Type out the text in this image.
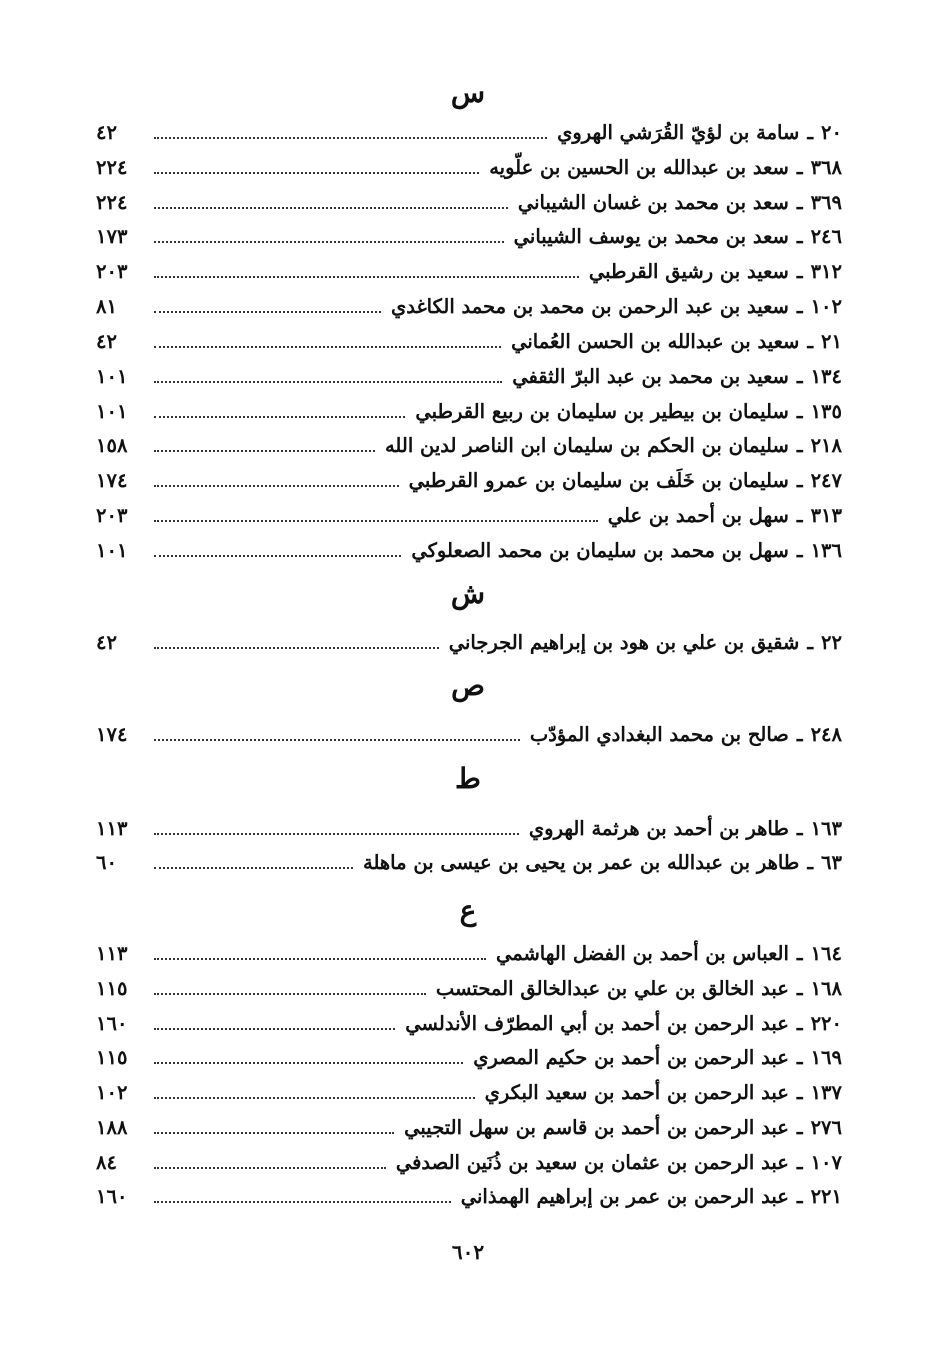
س
٢٠
ـ
سامة بن لؤيّ القُرَشي الهروي
٤٢
٣٦٨
ـ
سعد بن عبدالله بن الحسين بن علّويه
٢٢٤
٣٦٩
ـ
سعد بن محمد بن غسان الشيباني
٢٢٤
٢٤٦
ـ
سعد بن محمد بن يوسف الشيباني
١٧٣
٣١٢
ـ
سعيد بن رشيق القرطبي
٢٠٣
١٠٢
ـ
سعيد بن عبد الرحمن بن محمد بن محمد الكاغدي
٨١
٢١
ـ
سعيد بن عبدالله بن الحسن العُماني
٤٢
١٣٤
ـ
سعيد بن محمد بن عبد البرّ الثقفي
١٠١
١٣٥
ـ
سليمان بن بيطير بن سليمان بن ربيع القرطبي
١٠١
٢١٨
ـ
سليمان بن الحكم بن سليمان ابن الناصر لدين الله
١٥٨
٢٤٧
ـ
سليمان بن خَلَف بن سليمان بن عمرو القرطبي
١٧٤
٣١٣
ـ
سهل بن أحمد بن علي
٢٠٣
١٣٦
ـ
سهل بن محمد بن سليمان بن محمد الصعلوكي
١٠١
ش
٢٢
ـ
شقيق بن علي بن هود بن إبراهيم الجرجاني
٤٢
ص
٢٤٨
ـ
صالح بن محمد البغدادي المؤدّب
١٧٤
ط
١٦٣
ـ
طاهر بن أحمد بن هرثمة الهروي
١١٣
٦٣
ـ
طاهر بن عبدالله بن عمر بن يحيى بن عيسى بن ماهلة
٦٠
ع
١٦٤
ـ
العباس بن أحمد بن الفضل الهاشمي
١١٣
١٦٨
ـ
عبد الخالق بن علي بن عبدالخالق المحتسب
١١٥
٢٢٠
ـ
عبد الرحمن بن أحمد بن أبي المطرّف الأندلسي
١٦٠
١٦٩
ـ
عبد الرحمن بن أحمد بن حكيم المصري
١١٥
١٣٧
ـ
عبد الرحمن بن أحمد بن سعيد البكري
١٠٢
٢٧٦
ـ
عبد الرحمن بن أحمد بن قاسم بن سهل التجيبي
١٨٨
١٠٧
ـ
عبد الرحمن بن عثمان بن سعيد بن ذُنَين الصدفي
٨٤
٢٢١
ـ
عبد الرحمن بن عمر بن إبراهيم الهمذاني
١٦٠
٦٠٢
